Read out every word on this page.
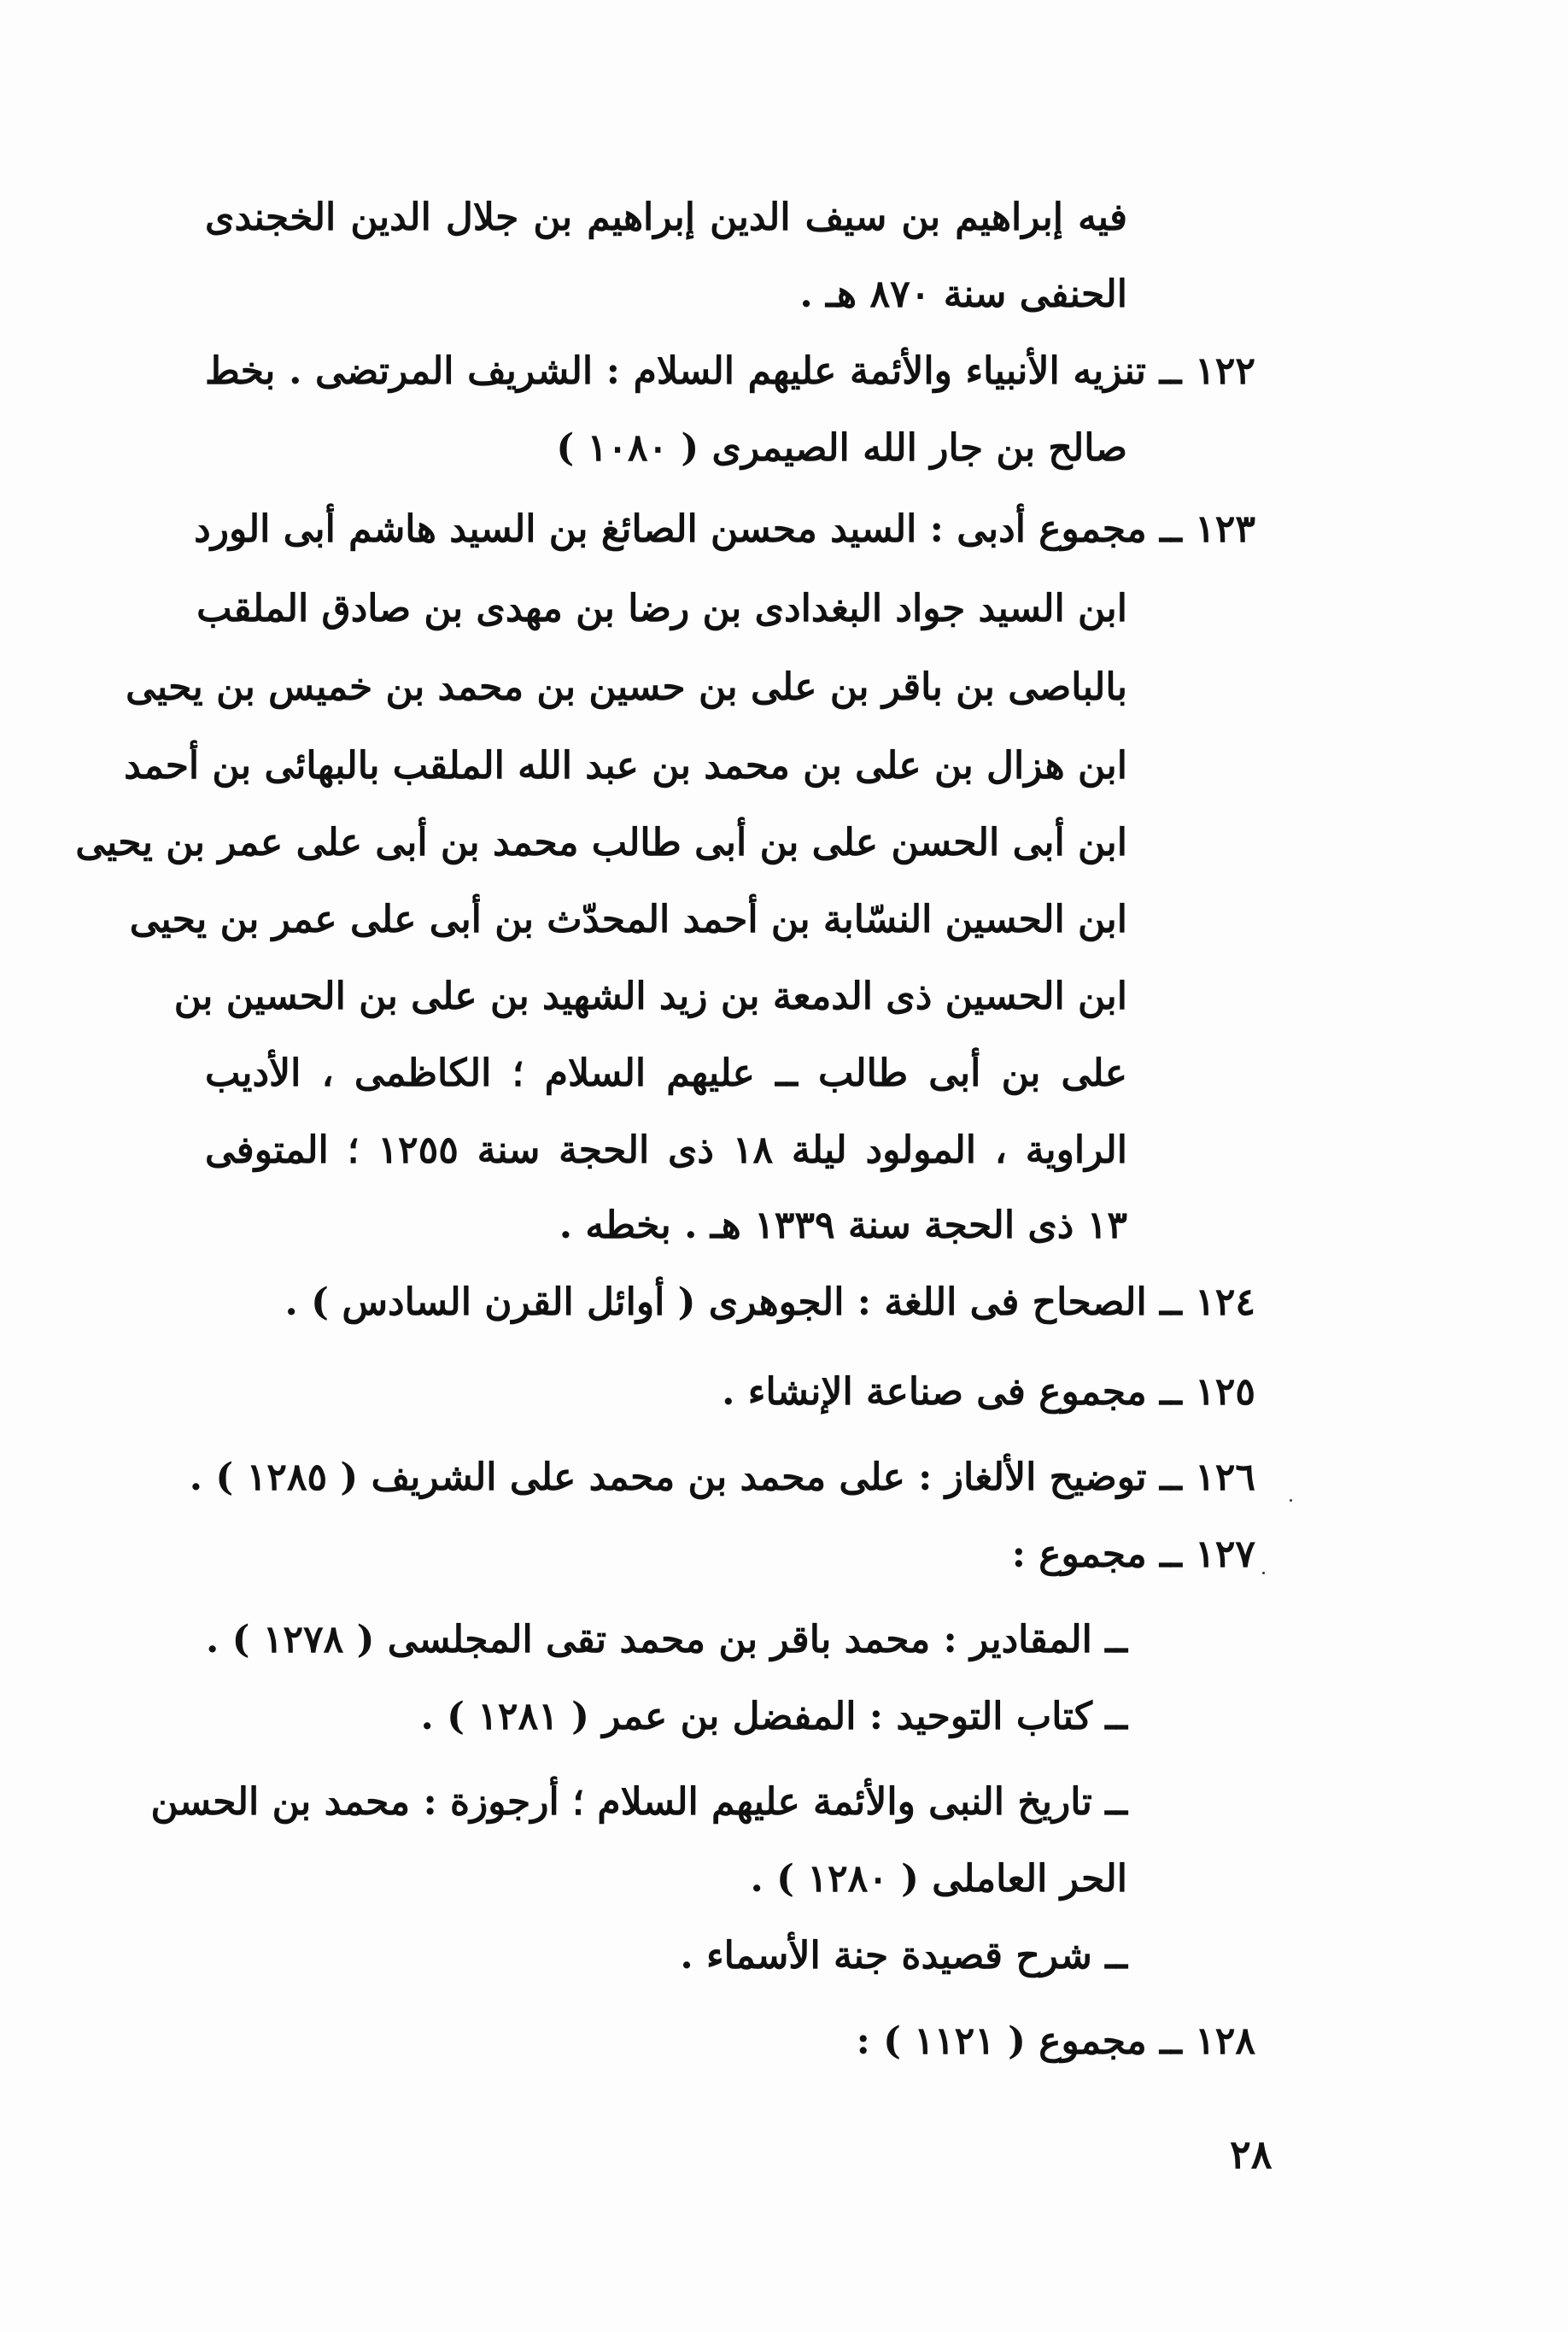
فيه إبراهيم بن سيف الدين إبراهيم بن جلال الدين الخجندى
الحنفى سنة ٨٧٠ هـ .
١٢٢ ــ تنزيه الأنبياء والأئمة عليهم السلام : الشريف المرتضى . بخط
صالح بن جار الله الصيمرى ( ١٠٨٠ )
١٢٣ ــ مجموع أدبى : السيد محسن الصائغ بن السيد هاشم أبى الورد
ابن السيد جواد البغدادى بن رضا بن مهدى بن صادق الملقب
بالباصى بن باقر بن على بن حسين بن محمد بن خميس بن يحيى
ابن هزال بن على بن محمد بن عبد الله الملقب بالبهائى بن أحمد
ابن أبى الحسن على بن أبى طالب محمد بن أبى على عمر بن يحيى
ابن الحسين النسّابة بن أحمد المحدّث بن أبى على عمر بن يحيى
ابن الحسين ذى الدمعة بن زيد الشهيد بن على بن الحسين بن
على بن أبى طالب ــ عليهم السلام ؛ الكاظمى ، الأديب
الراوية ، المولود ليلة ١٨ ذى الحجة سنة ١٢٥٥ ؛ المتوفى
١٣ ذى الحجة سنة ١٣٣٩ هـ . بخطه .
١٢٤ ــ الصحاح فى اللغة : الجوهرى ( أوائل القرن السادس ) .
١٢٥ ــ مجموع فى صناعة الإنشاء .
١٢٦ ــ توضيح الألغاز : على محمد بن محمد على الشريف ( ١٢٨٥ ) .
١٢٧ ــ مجموع :
ــ المقادير : محمد باقر بن محمد تقى المجلسى ( ١٢٧٨ ) .
ــ كتاب التوحيد : المفضل بن عمر ( ١٢٨١ ) .
ــ تاريخ النبى والأئمة عليهم السلام ؛ أرجوزة : محمد بن الحسن
الحر العاملى ( ١٢٨٠ ) .
ــ شرح قصيدة جنة الأسماء .
١٢٨ ــ مجموع ( ١١٢١ ) :
٢٨
